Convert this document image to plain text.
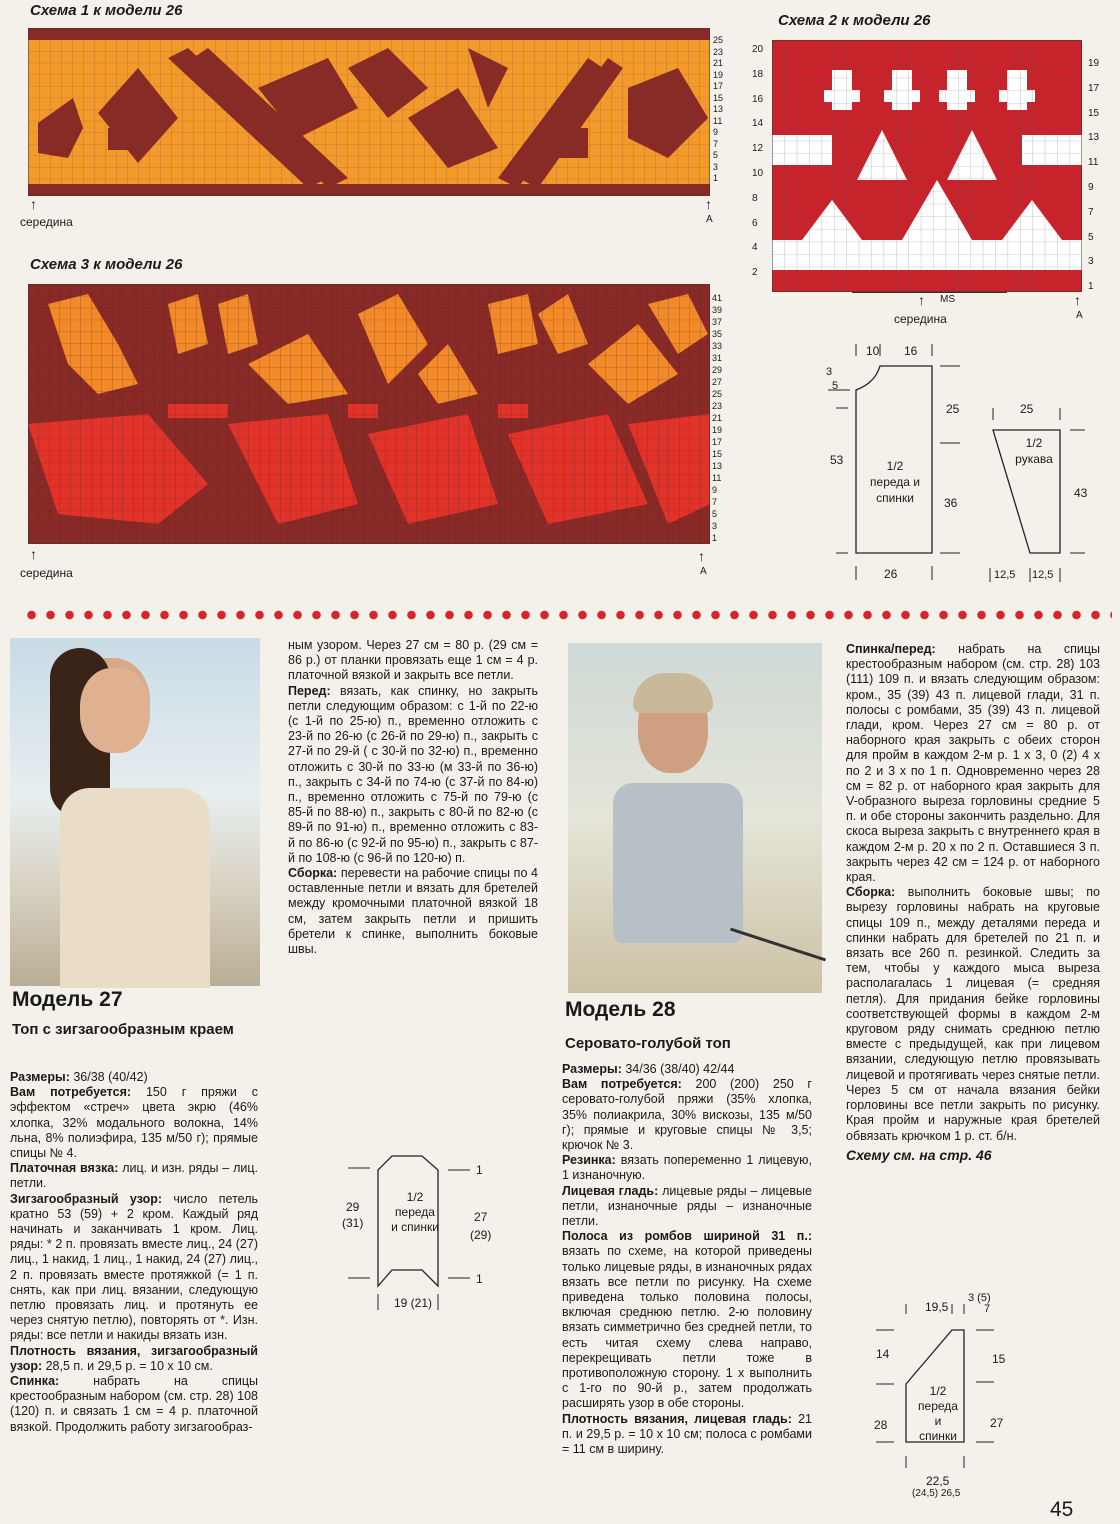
Схема 1 к модели 26
25
23
21
19
17
15
13
11
9
7
5
3
1
↑
середина
↑
A
Схема 2 к модели 26
20
18
16
14
12
10
8
6
4
2
19
17
15
13
11
9
7
5
3
1
MS
↑
середина
↑
A
Схема 3 к модели 26
41
39
37
35
33
31
29
27
25
23
21
19
17
15
13
11
9
7
5
3
1
↑
середина
↑
A
10 16
3
5
25
53
36
26
1/2
переда и
спинки
25
43
1/2
рукава
12,5 12,5
Модель 27
Топ с зигзагообразным краем

Размеры: 36/38 (40/42)

Вам потребуется: 150 г пряжи с эффектом «стреч» цвета экрю (46% хлопка, 32% модального волокна, 14% льна, 8% полиэфира, 135 м/50 г); прямые спицы № 4.

Платочная вязка: лиц. и изн. ряды – лиц. петли.

Зигзагообразный узор: число петель кратно 53 (59) + 2 кром. Каждый ряд начинать и заканчивать 1 кром. Лиц. ряды: * 2 п. провязать вместе лиц., 24 (27) лиц., 1 накид, 1 лиц., 1 накид, 24 (27) лиц., 2 п. провязать вместе протяжкой (= 1 п. снять, как при лиц. вязании, следующую петлю провязать лиц. и протянуть ее через снятую петлю), повторять от *. Изн. ряды: все петли и накиды вязать изн.

Плотность вязания, зигзагообразный узор: 28,5 п. и 29,5 р. = 10 x 10 см.

Спинка: набрать на спицы крестообразным набором (см. стр. 28) 108 (120) п. и связать 1 см = 4 р. платочной вязкой. Продолжить работу зигзагообраз-

ным узором. Через 27 см = 80 р. (29 см = 86 р.) от планки провязать еще 1 см = 4 р. платочной вязкой и закрыть все петли.

Перед: вязать, как спинку, но закрыть петли следующим образом: с 1-й по 22-ю (с 1-й по 25-ю) п., временно отложить с 23-й по 26-ю (с 26-й по 29-ю) п., закрыть с 27-й по 29-й ( с 30-й по 32-ю) п., временно отложить с 30-й по 33-ю (м 33-й по 36-ю) п., закрыть с 34-й по 74-ю (с 37-й по 84-ю) п., временно отложить с 75-й по 79-ю (с 85-й по 88-ю) п., закрыть с 80-й по 82-ю (с 89-й по 91-ю) п., временно отложить с 83-й по 86-ю (с 92-й по 95-ю) п., закрыть с 87-й по 108-ю (с 96-й по 120-ю) п.

Сборка: перевести на рабочие спицы по 4 оставленные петли и вязать для бретелей между кромочными платочной вязкой 18 см, затем закрыть петли и пришить бретели к спинке, выполнить боковые швы.

1
1
29
(31)	27
(29)
1/2
переда
и спинки
19 (21)
Модель 28
Серовато-голубой топ

Размеры: 34/36 (38/40) 42/44

Вам потребуется: 200 (200) 250 г серовато-голубой пряжи (35% хлопка, 35% полиакрила, 30% вискозы, 135 м/50 г); прямые и круговые спицы № 3,5; крючок № 3.

Резинка: вязать попеременно 1 лицевую, 1 изнаночную.

Лицевая гладь: лицевые ряды – лицевые петли, изнаночные ряды – изнаночные петли.

Полоса из ромбов шириной 31 п.: вязать по схеме, на которой приведены только лицевые ряды, в изнаночных рядах вязать все петли по рисунку. На схеме приведена только половина полосы, включая среднюю петлю. 2-ю половину вязать симметрично без средней петли, то есть читая схему слева направо, перекрещивать петли тоже в противоположную сторону. 1 х выполнить с 1-го по 90-й р., затем продолжать расширять узор в обе стороны.

Плотность вязания, лицевая гладь: 21 п. и 29,5 р. = 10 x 10 см; полоса с ромбами = 11 см в ширину.

Спинка/перед: набрать на спицы крестообразным набором (см. стр. 28) 103 (111) 109 п. и вязать следующим образом: кром., 35 (39) 43 п. лицевой глади, 31 п. полосы с ромбами, 35 (39) 43 п. лицевой глади, кром. Через 27 см = 80 р. от наборного края закрыть с обеих сторон для пройм в каждом 2-м р. 1 х 3, 0 (2) 4 х по 2 и 3 х по 1 п. Одновременно через 28 см = 82 р. от наборного края закрыть для V-образного выреза горловины средние 5 п. и обе стороны закончить раздельно. Для скоса выреза закрыть с внутреннего края в каждом 2-м р. 20 х по 2 п. Оставшиеся 3 п. закрыть через 42 см = 124 р. от наборного края.

Сборка: выполнить боковые швы; по вырезу горловины набрать на круговые спицы 109 п., между деталями переда и спинки набрать для бретелей по 21 п. и вязать все 260 п. резинкой. Следить за тем, чтобы у каждого мыса выреза располагалась 1 лицевая (= средняя петля). Для придания бейке горловины соответствующей формы в каждом 2-м круговом ряду снимать среднюю петлю вместе с предыдущей, как при лицевом вязании, следующую петлю провязывать лицевой и протягивать через снятые петли. Через 5 см от начала вязания бейки горловины все петли закрыть по рисунку. Края пройм и наружные края бретелей обвязать крючком 1 р. ст. б/н.

Схему см. на стр. 46

19,5
3 (5)
7
14	15
28	27
1/2
переда
и
спинки
22,5
(24,5) 26,5
45
